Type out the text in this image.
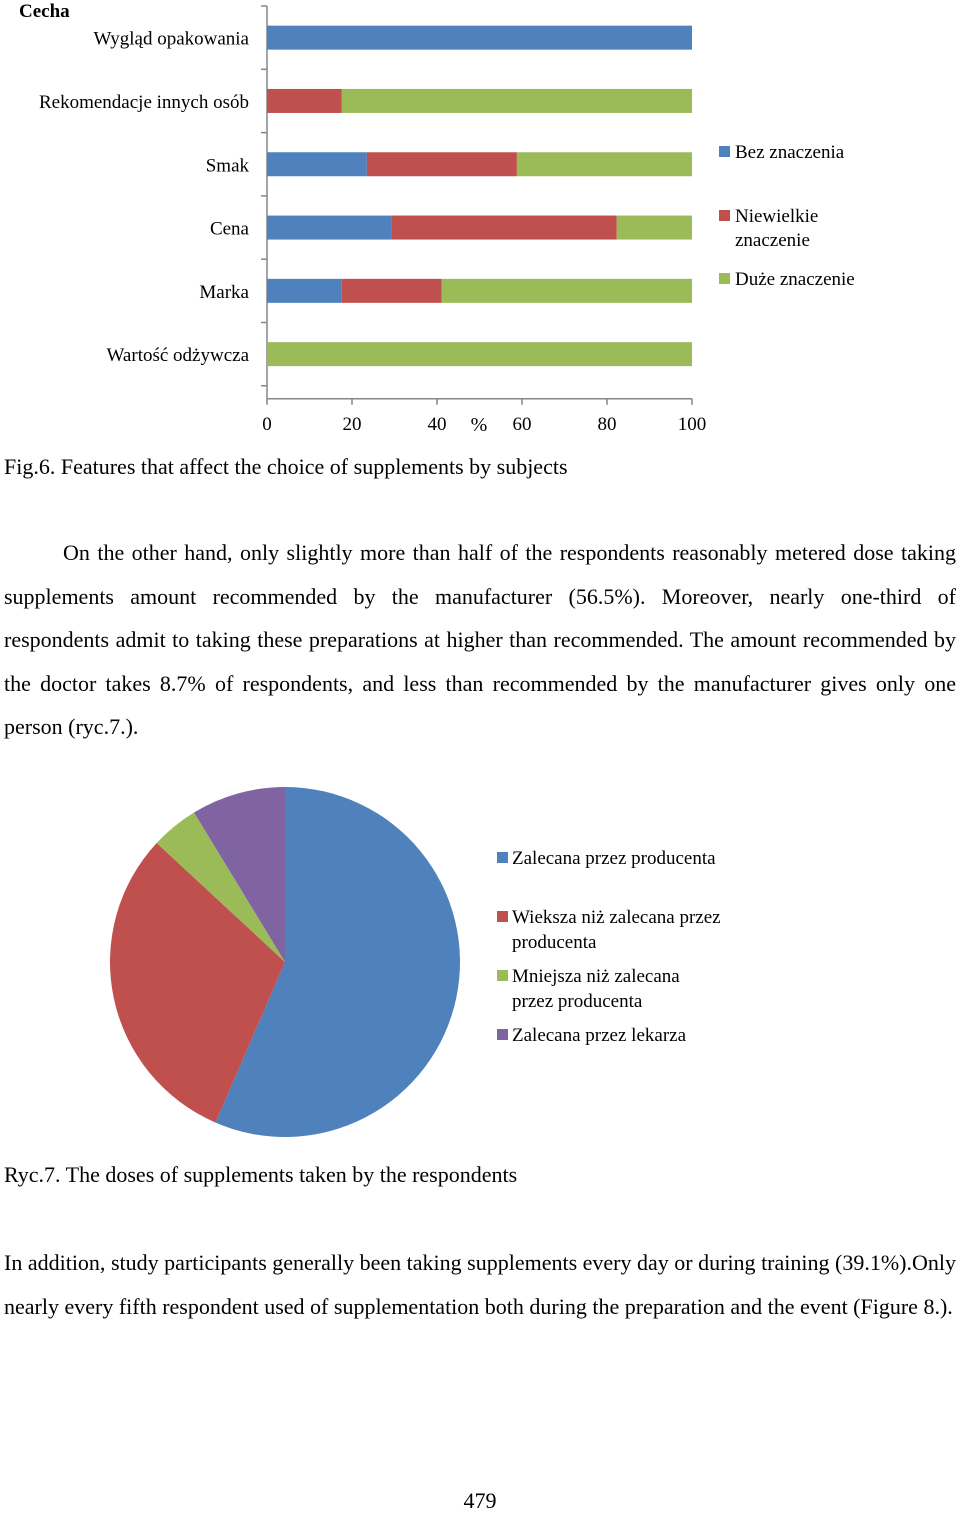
Cecha
Wygląd opakowania
Rekomendacje innych osób
Smak
Cena
Marka
Wartość odżywcza
0	20	40	60	80	100
%
Bez znaczenia
Niewielkie
znaczenie
Duże znaczenie
Fig.6. Features that affect the choice of supplements by subjects

On the other hand, only slightly more than half of the respondents reasonably metered dose taking supplements amount recommended by the manufacturer (56.5%). Moreover, nearly one-third of respondents admit to taking these preparations at higher than recommended. The amount recommended by the doctor takes 8.7% of respondents, and less than recommended by the manufacturer gives only one person (ryc.7.).

Zalecana przez producenta
Wieksza niż zalecana przez
producenta
Mniejsza niż zalecana
przez producenta
Zalecana przez lekarza
Ryc.7. The doses of supplements taken by the respondents

In addition, study participants generally been taking supplements every day or during training (39.1%).Only nearly every fifth respondent used of supplementation both during the preparation and the event (Figure 8.).

479
